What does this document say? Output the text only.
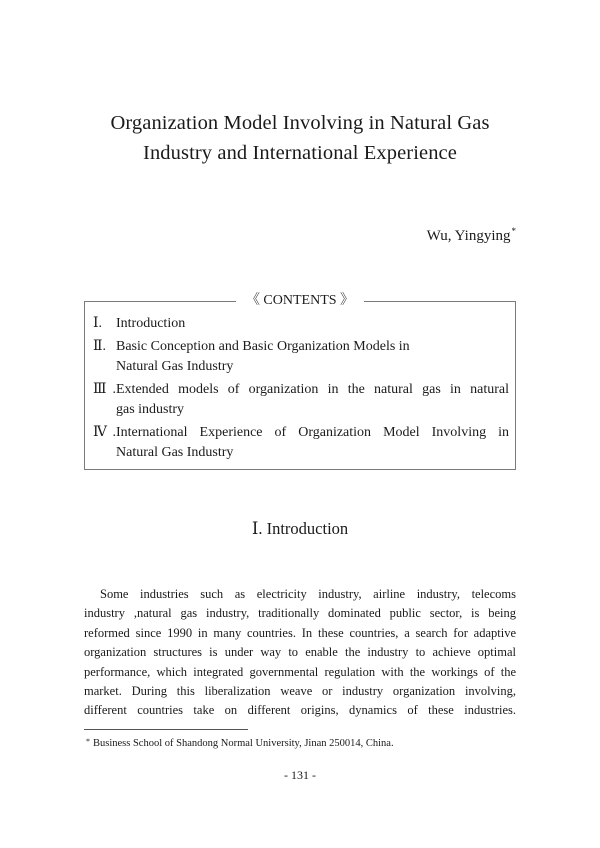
Organization Model Involving in Natural Gas
Industry and International Experience
Wu, Yingying*
《 CONTENTS 》
Ⅰ. Introduction
Ⅱ. Basic Conception and Basic Organization Models in
Natural Gas Industry
Ⅲ.Extended models of organization in the natural gas in natural
gas industry
Ⅳ.International Experience of Organization Model Involving in
Natural Gas Industry
Ⅰ. Introduction
Some industries such as electricity industry, airline industry, telecoms
industry ,natural gas industry, traditionally dominated public sector, is being
reformed since 1990 in many countries. In these countries, a search for adaptive
organization structures is under way to enable the industry to achieve optimal
performance, which integrated governmental regulation with the workings of the
market. During this liberalization weave or industry organization involving,
different countries take on different origins, dynamics of these industries.
* Business School of Shandong Normal University, Jinan 250014, China.
- 131 -
